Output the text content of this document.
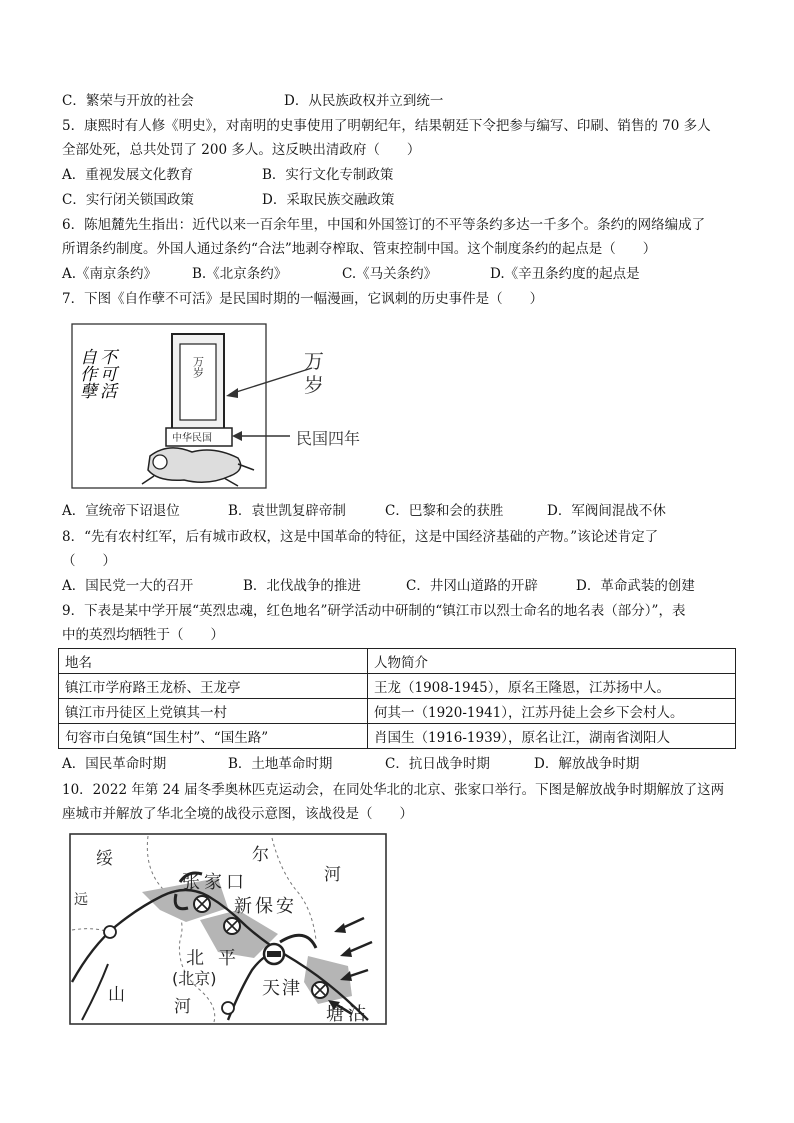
C．繁荣与开放的社会	D．从民族政权并立到统一
5．康熙时有人修《明史》，对南明的史事使用了明朝纪年，结果朝廷下令把参与编写、印刷、销售的 70 多人
全部处死，总共处罚了 200 多人。这反映出清政府（　　）
A．重视发展文化教育	B．实行文化专制政策
C．实行闭关锁国政策	D．采取民族交融政策
6．陈旭麓先生指出：近代以来一百余年里，中国和外国签订的不平等条约多达一千多个。条约的网络编成了
所谓条约制度。外国人通过条约“合法”地剥夺榨取、管束控制中国。这个制度条约的起点是（　　）
A.《南京条约》	B.《北京条约》	C.《马关条约》	D.《辛丑条约度的起点是
7．下图《自作孽不可活》是民国时期的一幅漫画，它讽刺的历史事件是（　　）
自作孽 不可活	万岁
中华民国
万
岁
民国四年
A．宣统帝下诏退位	B．袁世凯复辟帝制	C．巴黎和会的获胜	D．军阀间混战不休
8．“先有农村红军，后有城市政权，这是中国革命的特征，这是中国经济基础的产物。”该论述肯定了
（　　）
A．国民党一大的召开	B．北伐战争的推进	C．井冈山道路的开辟	D．革命武装的创建
9．下表是某中学开展“英烈忠魂，红色地名”研学活动中研制的“镇江市以烈士命名的地名表（部分）”，表
中的英烈均牺牲于（　　）
地名	人物简介
镇江市学府路王龙桥、王龙亭	王龙（1908-1945），原名王隆恩，江苏扬中人。
镇江市丹徒区上党镇其一村	何其一（1920-1941），江苏丹徒上会乡下会村人。
句容市白兔镇“国生村”、“国生路”	肖国生（1916-1939），原名让江，湖南省浏阳人
A．国民革命时期	B．土地革命时期	C．抗日战争时期	D．解放战争时期
10．2022 年第 24 届冬季奥林匹克运动会，在同处华北的北京、张家口举行。下图是解放战争时期解放了这两
座城市并解放了华北全境的战役示意图，该战役是（　　）
绥	尔
河
远
张家口
新保安
北平
(北京)	天津
塘沽
山
河
